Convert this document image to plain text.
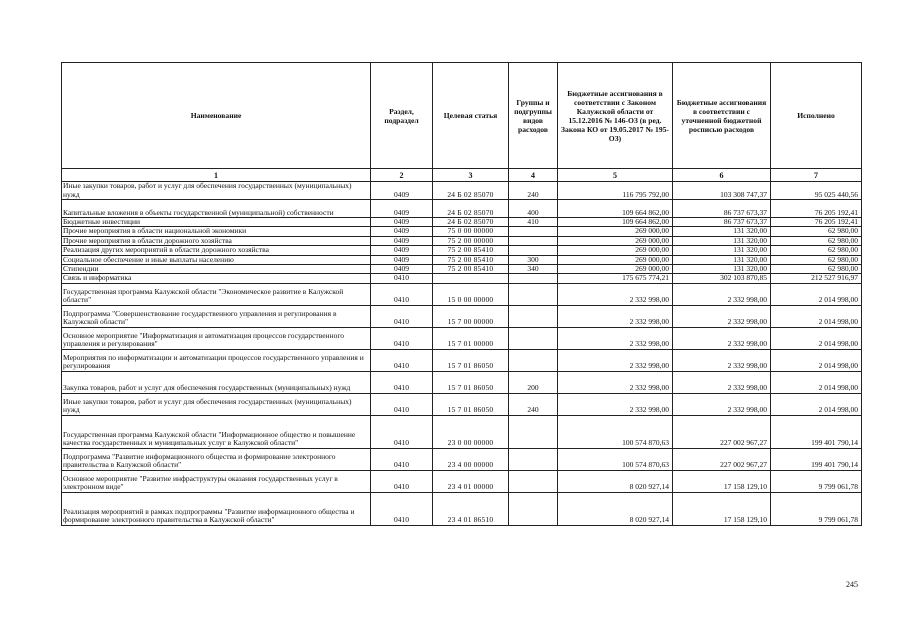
Наименование	Раздел, подраздел	Целевая статья	Группы и подгруппы видов расходов	Бюджетные ассигнования в соответствии с Законом Калужской области от 15.12.2016 № 146-ОЗ (в ред. Закона КО от 19.05.2017 № 195-ОЗ)	Бюджетные ассигнования в соответствии с уточненной бюджетной росписью расходов	Исполнено
1	2	3	4	5	6	7
Иные закупки товаров, работ и услуг для обеспечения государственных (муниципальных) нужд	0409	24 Б 02 85070	240	116 795 792,00	103 308 747,37	95 025 440,56
Капитальные вложения в объекты государственной (муниципальной) собственности	0409	24 Б 02 85070	400	109 664 862,00	86 737 673,37	76 205 192,41
Бюджетные инвестиции	0409	24 Б 02 85070	410	109 664 862,00	86 737 673,37	76 205 192,41
Прочие мероприятия в области национальной экономики	0409	75 0 00 00000		269 000,00	131 320,00	62 980,00
Прочие мероприятия в области дорожного хозяйства	0409	75 2 00 00000		269 000,00	131 320,00	62 980,00
Реализация других мероприятий в области дорожного хозяйства	0409	75 2 00 85410		269 000,00	131 320,00	62 980,00
Социальное обеспечение и иные выплаты населению	0409	75 2 00 85410	300	269 000,00	131 320,00	62 980,00
Стипендии	0409	75 2 00 85410	340	269 000,00	131 320,00	62 980,00
Связь и информатика	0410			175 675 774,21	302 103 870,85	212 527 916,97
Государственная программа Калужской области "Экономическое развитие в Калужской области"	0410	15 0 00 00000		2 332 998,00	2 332 998,00	2 014 998,00
Подпрограмма "Совершенствование государственного управления и регулирования в Калужской области"	0410	15 7 00 00000		2 332 998,00	2 332 998,00	2 014 998,00
Основное мероприятие "Информатизация и автоматизация процессов государственного управления и регулирования"	0410	15 7 01 00000		2 332 998,00	2 332 998,00	2 014 998,00
Мероприятия по информатизации и автоматизации процессов государственного управления и регулирования	0410	15 7 01 86050		2 332 998,00	2 332 998,00	2 014 998,00
Закупка товаров, работ и услуг для обеспечения государственных (муниципальных) нужд	0410	15 7 01 86050	200	2 332 998,00	2 332 998,00	2 014 998,00
Иные закупки товаров, работ и услуг для обеспечения государственных (муниципальных) нужд	0410	15 7 01 86050	240	2 332 998,00	2 332 998,00	2 014 998,00
Государственная программа Калужской области "Информационное общество и повышение качества государственных и муниципальных услуг в Калужской области"	0410	23 0 00 00000		100 574 870,63	227 002 967,27	199 401 790,14
Подпрограмма "Развитие информационного общества и формирование электронного правительства в Калужской области"	0410	23 4 00 00000		100 574 870,63	227 002 967,27	199 401 790,14
Основное мероприятие "Развитие инфраструктуры оказания государственных услуг в электронном виде"	0410	23 4 01 00000		8 020 927,14	17 158 129,10	9 799 061,78
Реализация мероприятий в рамках подпрограммы "Развитие информационного общества и формирование электронного правительства в Калужской области"	0410	23 4 01 86510		8 020 927,14	17 158 129,10	9 799 061,78
245
